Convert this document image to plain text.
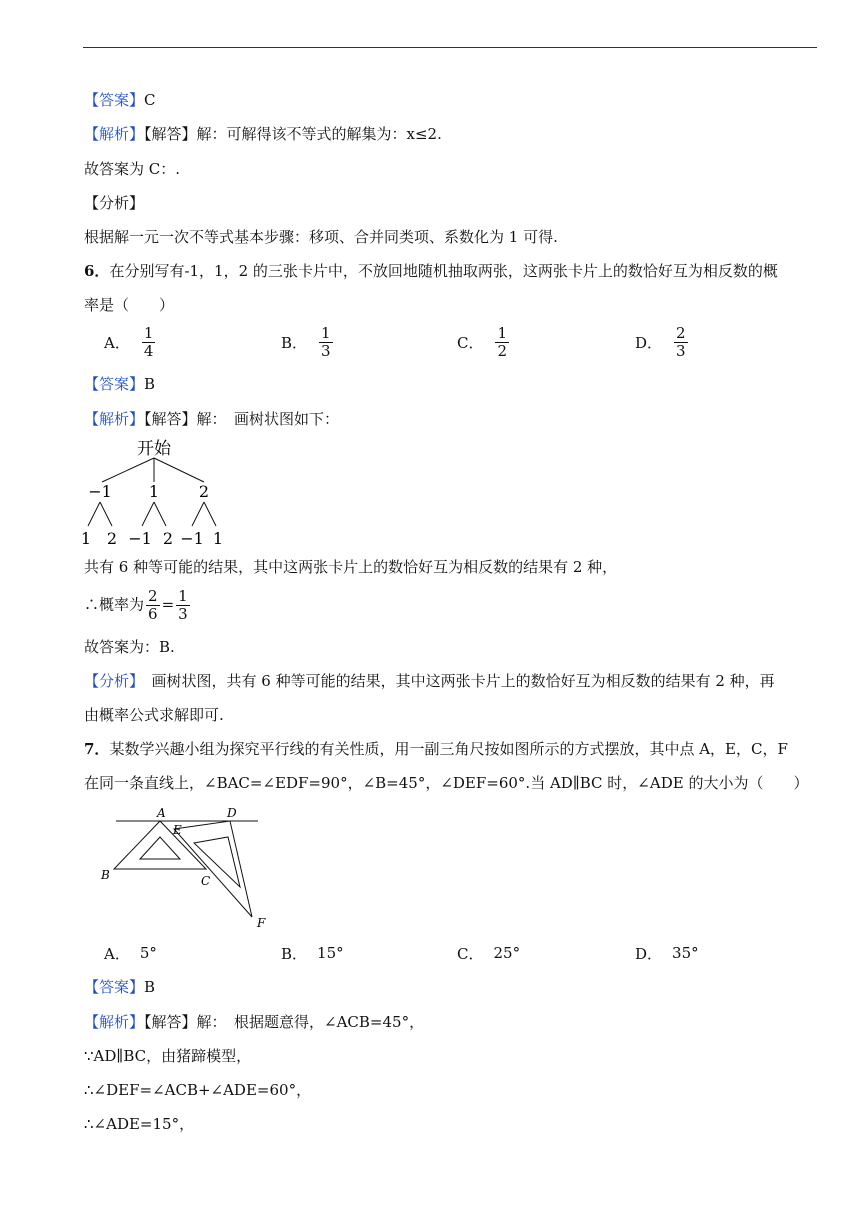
【答案】C
【解析】【解答】解：可解得该不等式的解集为：x≤2.
故答案为 C：.
【分析】
根据解一元一次不等式基本步骤：移项、合并同类项、系数化为 1 可得.
6．在分别写有-1，1，2 的三张卡片中，不放回地随机抽取两张，这两张卡片上的数恰好互为相反数的概
率是（　　）
A． $\frac{1}{4}$	B． $\frac{1}{3}$	C． $\frac{1}{2}$	D． $\frac{2}{3}$
【答案】B
【解析】【解答】解：　画树状图如下：
开始
−1 1 2
1 2 −1 2 −1 1
共有 6 种等可能的结果，其中这两张卡片上的数恰好互为相反数的结果有 2 种，
∴概率为 $\frac{2}{6} = \frac{1}{3}$
故答案为：B.
【分析】　画树状图，共有 6 种等可能的结果，其中这两张卡片上的数恰好互为相反数的结果有 2 种，再
由概率公式求解即可.
7．某数学兴趣小组为探究平行线的有关性质，用一副三角尺按如图所示的方式摆放，其中点 A，E，C，F
在同一条直线上，∠BAC=∠EDF=90°，∠B=45°，∠DEF=60°.当 AD∥BC 时，∠ADE 的大小为（　　）
A	D
E
B	C
F
A． 5°	B． 15°	C． 25°	D． 35°
【答案】B
【解析】【解答】解：　根据题意得，∠ACB=45°，
∵AD∥BC，由猪蹄模型，
∴∠DEF=∠ACB+∠ADE=60°，
∴∠ADE=15°，
